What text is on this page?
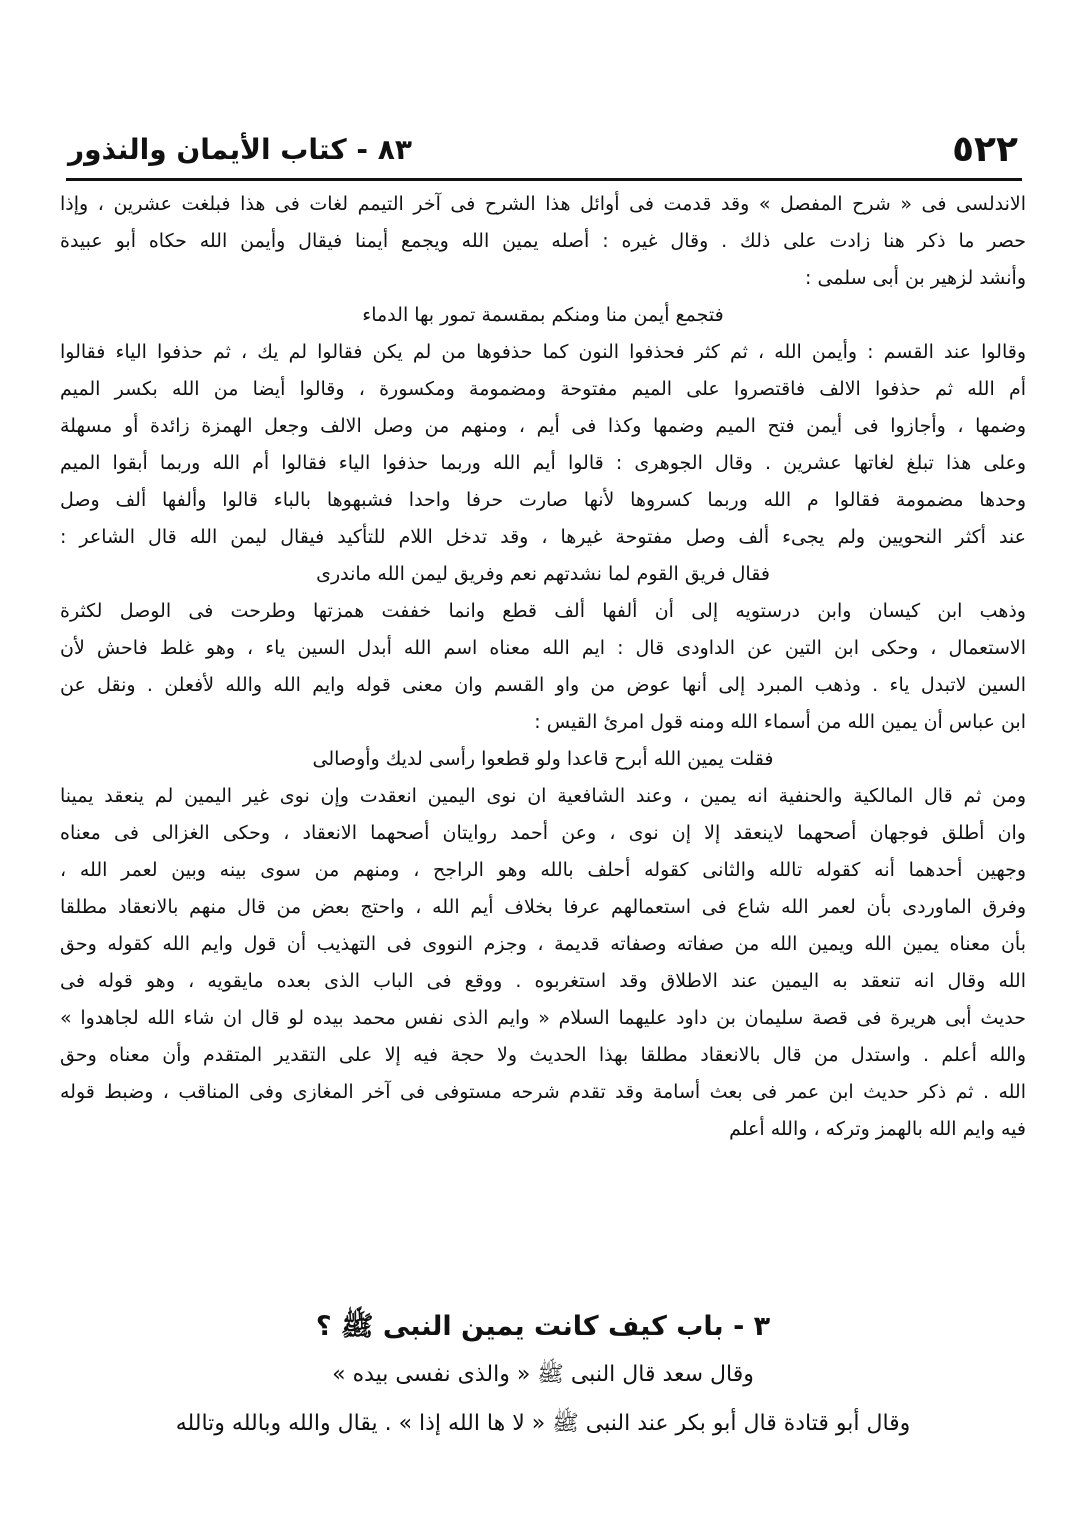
٥٢٢
٨٣ - كتاب الأيمان والنذور
الاندلسى فى « شرح المفصل » وقد قدمت فى أوائل هذا الشرح فى آخر التيمم لغات فى هذا فبلغت عشرين ، وإذا
حصر ما ذكر هنا زادت على ذلك . وقال غيره : أصله يمين الله ويجمع أيمنا فيقال وأيمن الله حكاه أبو عبيدة
وأنشد لزهير بن أبى سلمى :
فتجمع أيمن منا ومنكم بمقسمة تمور بها الدماء
وقالوا عند القسم : وأيمن الله ، ثم كثر فحذفوا النون كما حذفوها من لم يكن فقالوا لم يك ، ثم حذفوا الياء فقالوا
أم الله ثم حذفوا الالف فاقتصروا على الميم مفتوحة ومضمومة ومكسورة ، وقالوا أيضا من الله بكسر الميم
وضمها ، وأجازوا فى أيمن فتح الميم وضمها وكذا فى أيم ، ومنهم من وصل الالف وجعل الهمزة زائدة أو مسهلة
وعلى هذا تبلغ لغاتها عشرين . وقال الجوهرى : قالوا أيم الله وربما حذفوا الياء فقالوا أم الله وربما أبقوا الميم
وحدها مضمومة فقالوا م الله وربما كسروها لأنها صارت حرفا واحدا فشبهوها بالباء قالوا وألفها ألف وصل
عند أكثر النحويين ولم يجىء ألف وصل مفتوحة غيرها ، وقد تدخل اللام للتأكيد فيقال ليمن الله قال الشاعر :
فقال فريق القوم لما نشدتهم نعم وفريق ليمن الله ماندرى
وذهب ابن كيسان وابن درستويه إلى أن ألفها ألف قطع وانما خففت همزتها وطرحت فى الوصل لكثرة
الاستعمال ، وحكى ابن التين عن الداودى قال : ايم الله معناه اسم الله أبدل السين ياء ، وهو غلط فاحش لأن
السين لاتبدل ياء . وذهب المبرد إلى أنها عوض من واو القسم وان معنى قوله وايم الله والله لأفعلن . ونقل عن
ابن عباس أن يمين الله من أسماء الله ومنه قول امرئ القيس :
فقلت يمين الله أبرح قاعدا ولو قطعوا رأسى لديك وأوصالى
ومن ثم قال المالكية والحنفية انه يمين ، وعند الشافعية ان نوى اليمين انعقدت وإن نوى غير اليمين لم ينعقد يمينا
وان أطلق فوجهان أصحهما لاينعقد إلا إن نوى ، وعن أحمد روايتان أصحهما الانعقاد ، وحكى الغزالى فى معناه
وجهين أحدهما أنه كقوله تالله والثانى كقوله أحلف بالله وهو الراجح ، ومنهم من سوى بينه وبين لعمر الله ،
وفرق الماوردى بأن لعمر الله شاع فى استعمالهم عرفا بخلاف أيم الله ، واحتج بعض من قال منهم بالانعقاد مطلقا
بأن معناه يمين الله ويمين الله من صفاته وصفاته قديمة ، وجزم النووى فى التهذيب أن قول وايم الله كقوله وحق
الله وقال انه تنعقد به اليمين عند الاطلاق وقد استغربوه . ووقع فى الباب الذى بعده مايقويه ، وهو قوله فى
حديث أبى هريرة فى قصة سليمان بن داود عليهما السلام « وايم الذى نفس محمد بيده لو قال ان شاء الله لجاهدوا »
والله أعلم . واستدل من قال بالانعقاد مطلقا بهذا الحديث ولا حجة فيه إلا على التقدير المتقدم وأن معناه وحق
الله . ثم ذكر حديث ابن عمر فى بعث أسامة وقد تقدم شرحه مستوفى فى آخر المغازى وفى المناقب ، وضبط قوله
فيه وايم الله بالهمز وتركه ، والله أعلم
٣ - باب كيف كانت يمين النبى ﷺ ؟
وقال سعد قال النبى ﷺ « والذى نفسى بيده »
وقال أبو قتادة قال أبو بكر عند النبى ﷺ « لا ها الله إذا » . يقال والله وبالله وتالله
